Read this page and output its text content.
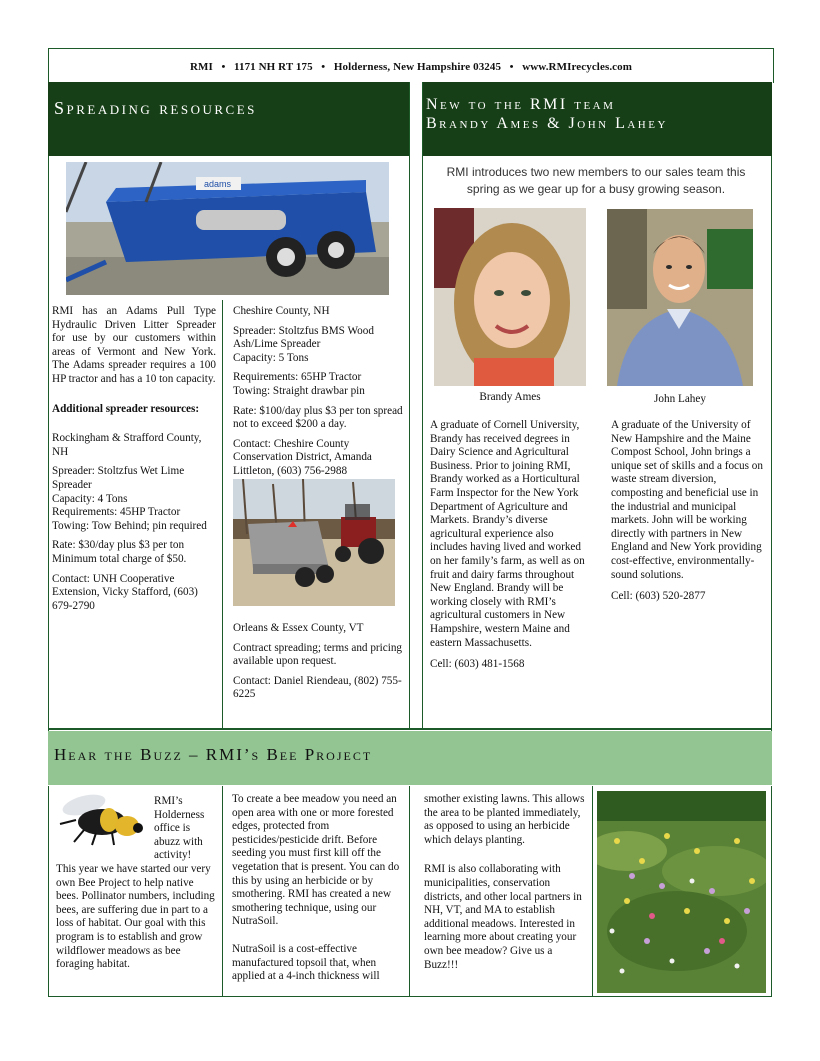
RMI • 1171 NH RT 175 • Holderness, New Hampshire 03245 • www.RMIrecycles.com
Spreading resources	New to the RMI team
Brandy Ames & John Lahey
adams

RMI has an Adams Pull Type Hydraulic Driven Litter Spreader for use by our customers within areas of Vermont and New York. The Adams spreader requires a 100 HP tractor and has a 10 ton capacity.

Additional spreader resources:

Rockingham & Strafford County, NH

Spreader: Stoltzfus Wet Lime Spreader
Capacity: 4 Tons
Requirements: 45HP Tractor
Towing: Tow Behind; pin required

Rate: $30/day plus $3 per ton
Minimum total charge of $50.

Contact: UNH Cooperative Extension, Vicky Stafford, (603) 679-2790

Cheshire County, NH

Spreader: Stoltzfus BMS Wood Ash/Lime Spreader
Capacity: 5 Tons

Requirements: 65HP Tractor
Towing: Straight drawbar pin

Rate: $100/day plus $3 per ton spread not to exceed $200 a day.

Contact: Cheshire County Conservation District, Amanda Littleton, (603) 756-2988

Orleans & Essex County, VT

Contract spreading; terms and pricing available upon request.

Contact: Daniel Riendeau, (802) 755-6225

RMI introduces two new members to our sales team this spring as we gear up for a busy growing season.
Brandy Ames	John Lahey

A graduate of Cornell University, Brandy has received degrees in Dairy Science and Agricultural Business. Prior to joining RMI, Brandy worked as a Horticultural Farm Inspector for the New York Department of Agriculture and Markets. Brandy’s diverse agricultural experience also includes having lived and worked on her family’s farm, as well as on fruit and dairy farms throughout New England. Brandy will be working closely with RMI’s agricultural customers in New Hampshire, western Maine and eastern Massachusetts.

Cell: (603) 481-1568

A graduate of the University of New Hampshire and the Maine Compost School, John brings a unique set of skills and a focus on waste stream diversion, composting and beneficial use in the industrial and municipal markets. John will be working directly with partners in New England and New York providing cost-effective, environmentally-sound solutions.

Cell: (603) 520-2877

Hear the Buzz – RMI’s Bee Project
RMI’s Holderness office is abuzz with activity!
This year we have started our very own Bee Project to help native bees. Pollinator numbers, including bees, are suffering due in part to a loss of habitat. Our goal with this program is to establish and grow wildflower meadows as bee foraging habitat.

To create a bee meadow you need an open area with one or more forested edges, protected from pesticides/pesticide drift. Before seeding you must first kill off the vegetation that is present. You can do this by using an herbicide or by smothering. RMI has created a new smothering technique, using our NutraSoil.

NutraSoil is a cost-effective manufactured topsoil that, when applied at a 4-inch thickness will

smother existing lawns. This allows the area to be planted immediately, as opposed to using an herbicide which delays planting.

RMI is also collaborating with municipalities, conservation districts, and other local partners in NH, VT, and MA to establish additional meadows. Interested in learning more about creating your own bee meadow? Give us a Buzz!!!
